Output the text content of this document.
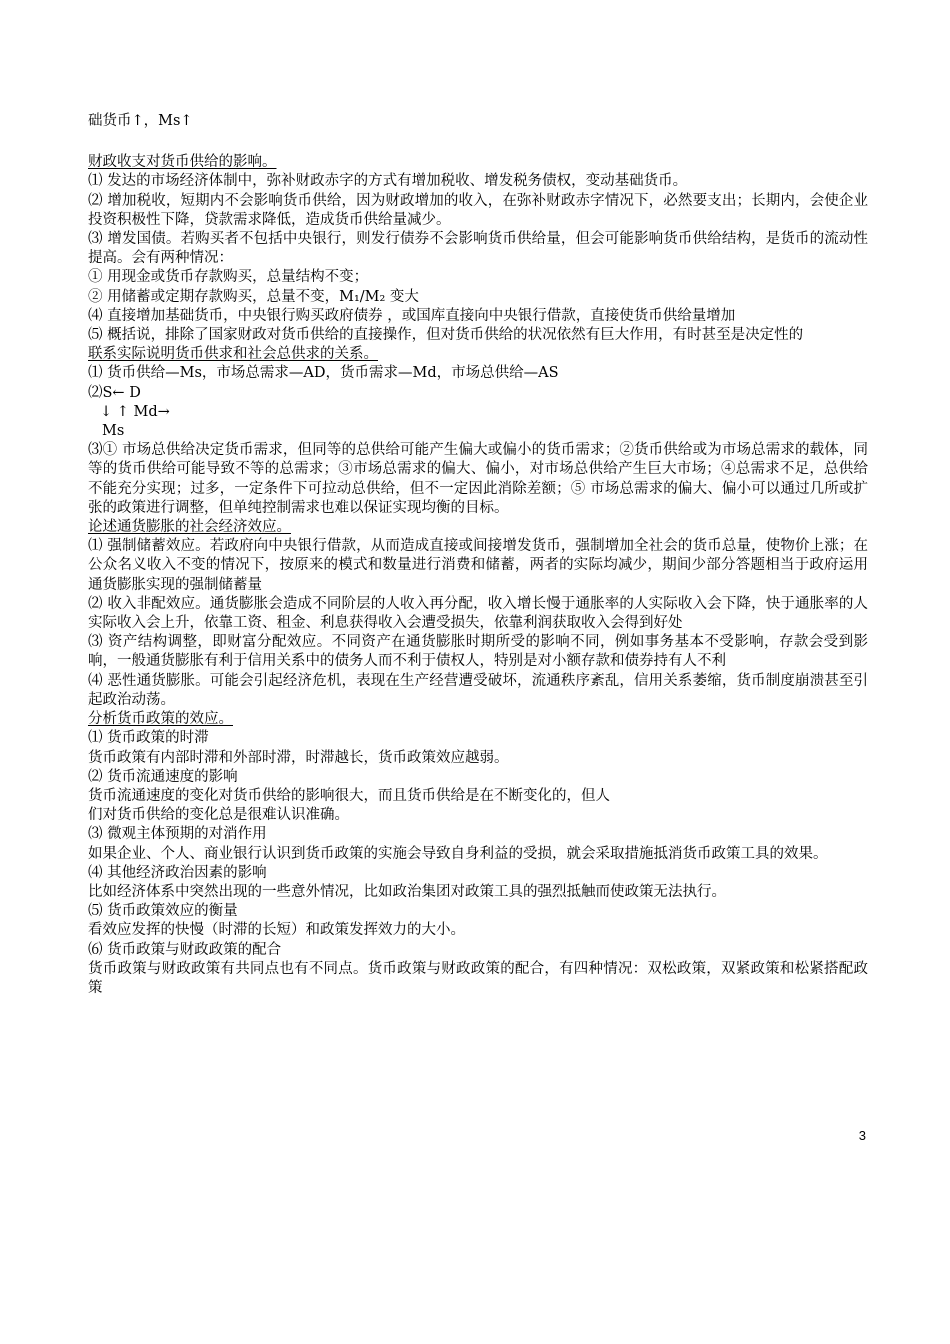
础货币↑，Ms↑
财政收支对货币供给的影响。
⑴ 发达的市场经济体制中，弥补财政赤字的方式有增加税收、增发税务债权，变动基础货币。
⑵ 增加税收，短期内不会影响货币供给，因为财政增加的收入，在弥补财政赤字情况下，必然要支出；长期内，会使企业投资积极性下降，贷款需求降低，造成货币供给量减少。
⑶ 增发国债。若购买者不包括中央银行，则发行债券不会影响货币供给量，但会可能影响货币供给结构，是货币的流动性提高。会有两种情况：
① 用现金或货币存款购买，总量结构不变；
② 用储蓄或定期存款购买，总量不变，M₁/M₂ 变大
⑷ 直接增加基础货币，中央银行购买政府债券 ，或国库直接向中央银行借款，直接使货币供给量增加
⑸ 概括说，排除了国家财政对货币供给的直接操作，但对货币供给的状况依然有巨大作用，有时甚至是决定性的
联系实际说明货币供求和社会总供求的关系。
⑴ 货币供给—Ms，市场总需求—AD，货币需求—Md，市场总供给—AS
⑵S← D
↓ ↑ Md→
Ms
⑶① 市场总供给决定货币需求，但同等的总供给可能产生偏大或偏小的货币需求；②货币供给或为市场总需求的载体，同等的货币供给可能导致不等的总需求；③市场总需求的偏大、偏小，对市场总供给产生巨大市场；④总需求不足，总供给不能充分实现；过多，一定条件下可拉动总供给，但不一定因此消除差额；⑤ 市场总需求的偏大、偏小可以通过几所或扩张的政策进行调整，但单纯控制需求也难以保证实现均衡的目标。
论述通货膨胀的社会经济效应。
⑴ 强制储蓄效应。若政府向中央银行借款，从而造成直接或间接增发货币，强制增加全社会的货币总量，使物价上涨；在公众名义收入不变的情况下，按原来的模式和数量进行消费和储蓄，两者的实际均减少，期间少部分答题相当于政府运用通货膨胀实现的强制储蓄量
⑵ 收入非配效应。通货膨胀会造成不同阶层的人收入再分配，收入增长慢于通胀率的人实际收入会下降，快于通胀率的人实际收入会上升，依靠工资、租金、利息获得收入会遭受损失，依靠利润获取收入会得到好处
⑶ 资产结构调整，即财富分配效应。不同资产在通货膨胀时期所受的影响不同，例如事务基本不受影响，存款会受到影响，一般通货膨胀有利于信用关系中的债务人而不利于债权人，特别是对小额存款和债券持有人不利
⑷ 恶性通货膨胀。可能会引起经济危机，表现在生产经营遭受破坏，流通秩序紊乱，信用关系萎缩，货币制度崩溃甚至引起政治动荡。
分析货币政策的效应。
⑴ 货币政策的时滞
货币政策有内部时滞和外部时滞，时滞越长，货币政策效应越弱。
⑵ 货币流通速度的影响
货币流通速度的变化对货币供给的影响很大，而且货币供给是在不断变化的，但人
们对货币供给的变化总是很难认识准确。
⑶ 微观主体预期的对消作用
如果企业、个人、商业银行认识到货币政策的实施会导致自身利益的受损，就会采取措施抵消货币政策工具的效果。
⑷ 其他经济政治因素的影响
比如经济体系中突然出现的一些意外情况，比如政治集团对政策工具的强烈抵触而使政策无法执行。
⑸ 货币政策效应的衡量
看效应发挥的快慢（时滞的长短）和政策发挥效力的大小。
⑹ 货币政策与财政政策的配合
货币政策与财政政策有共同点也有不同点。货币政策与财政政策的配合，有四种情况：双松政策，双紧政策和松紧搭配政策
3
